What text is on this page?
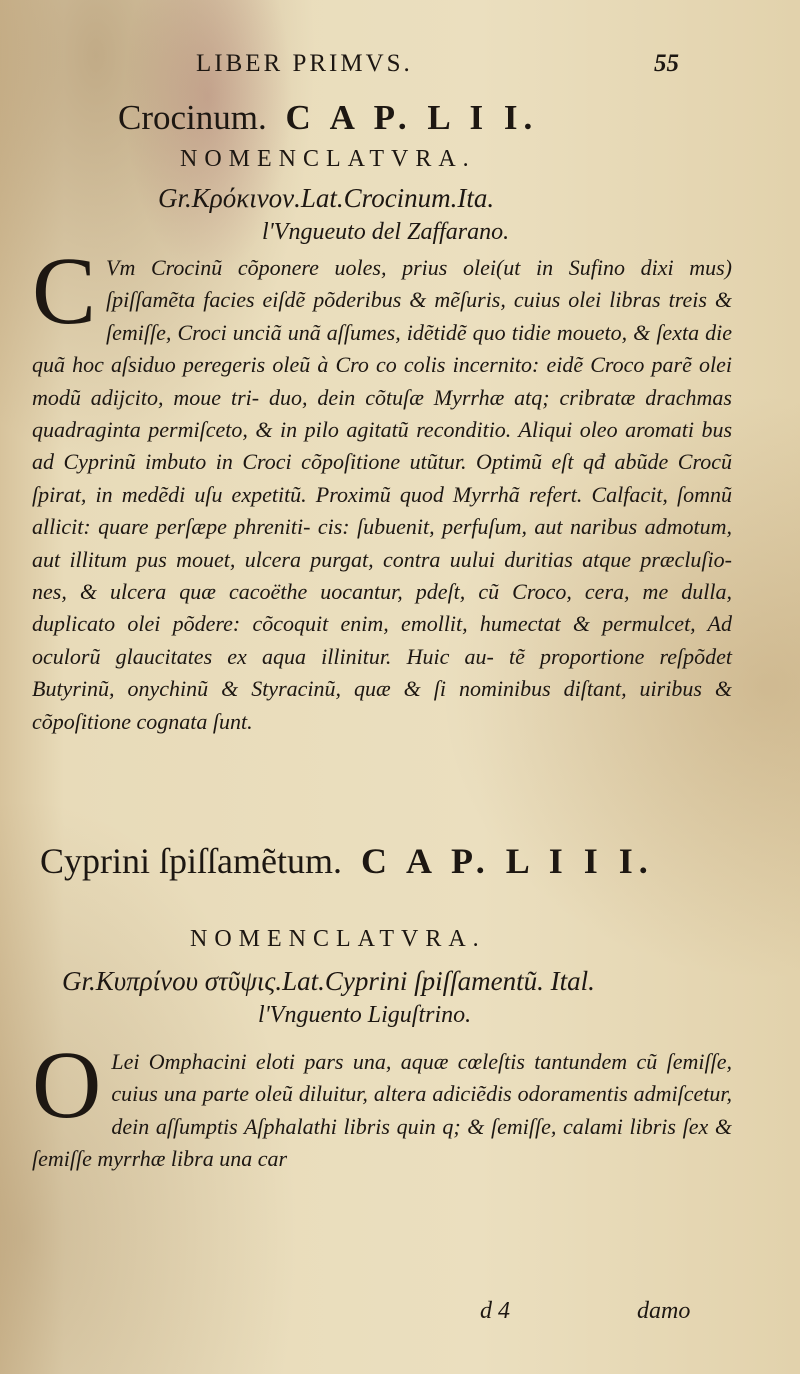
LIBER PRIMVS.	55
Crocinum. C A P. L I I.
NOMENCLATVRA.
Gr.Κρόκινον.Lat.Crocinum.Ita.
l'Vngueuto del Zaffarano.
C Vm Crocinũ cõponere uoles, prius olei(ut in Sufino dixi mus) ſpiſſamẽta facies eiſdẽ põderibus & mẽſuris, cuius olei libras treis & ſemiſſe, Croci unciã unã aſſumes, idẽtidẽ quo tidie moueto, & ſexta die quã hoc aſsiduo peregeris oleũ à Cro co colis incernito: eidẽ Croco parẽ olei modũ adijcito, moue tri- duo, dein cõtuſæ Myrrhæ atq; cribratæ drachmas quadraginta permiſceto, & in pilo agitatũ reconditio. Aliqui oleo aromati bus ad Cyprinũ imbuto in Croci cõpoſitione utũtur. Optimũ eſt qđ abũde Crocũ ſpirat, in medẽdi uſu expetitũ. Proximũ quod Myrrhã refert. Calfacit, ſomnũ allicit: quare perſæpe phreniti- cis: ſubuenit, perfuſum, aut naribus admotum, aut illitum pus mouet, ulcera purgat, contra uului duritias atque præcluſio- nes, & ulcera quæ cacoëthe uocantur, pdeſt, cũ Croco, cera, me dulla, duplicato olei põdere: cõcoquit enim, emollit, humectat & permulcet, Ad oculorũ glaucitates ex aqua illinitur. Huic au- tẽ proportione reſpõdet Butyrinũ, onychinũ & Styracinũ, quæ & ſi nominibus diſtant, uiribus & cõpoſitione cognata ſunt.

Cyprini ſpiſſamẽtum. C A P. L I I I.
NOMENCLATVRA.
Gr.Κυπρίνου στῦψις.Lat.Cyprini ſpiſſamentũ. Ital.
l'Vnguento Liguſtrino.
O Lei Omphacini eloti pars una, aquæ cœleſtis tantundem cũ ſemiſſe, cuius una parte oleũ diluitur, altera adiciẽdis odoramentis admiſcetur, dein aſſumptis Aſphalathi libris quin q; & ſemiſſe, calami libris ſex & ſemiſſe myrrhæ libra una car

d 4	damo
